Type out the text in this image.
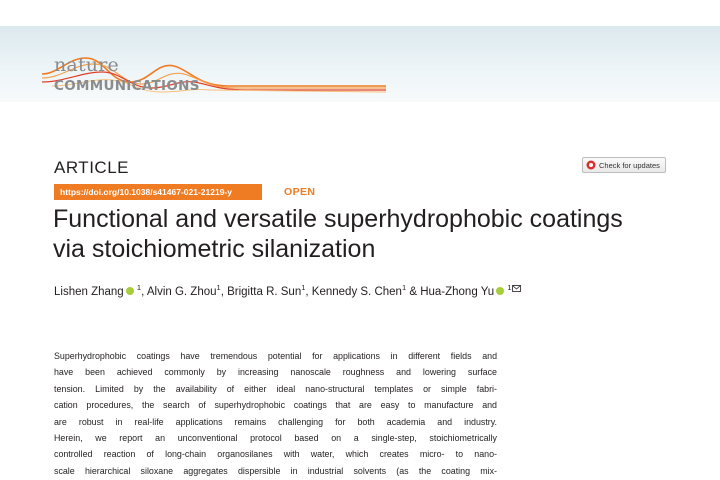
nature
COMMUNICATIONS
ARTICLE	Check for updates
https://doi.org/10.1038/s41467-021-21219-y	OPEN
Functional and versatile superhydrophobic coatings
via stoichiometric silanization
Lishen Zhang $^1$, Alvin G. Zhou$^1$, Brigitta R. Sun$^1$, Kennedy S. Chen$^1$ & Hua-Zhong Yu $^1$
Superhydrophobic coatings have tremendous potential for applications in different fields and
have been achieved commonly by increasing nanoscale roughness and lowering surface
tension. Limited by the availability of either ideal nano-structural templates or simple fabri-
cation procedures, the search of superhydrophobic coatings that are easy to manufacture and
are robust in real-life applications remains challenging for both academia and industry.
Herein, we report an unconventional protocol based on a single-step, stoichiometrically
controlled reaction of long-chain organosilanes with water, which creates micro- to nano-
scale hierarchical siloxane aggregates dispersible in industrial solvents (as the coating mix-
